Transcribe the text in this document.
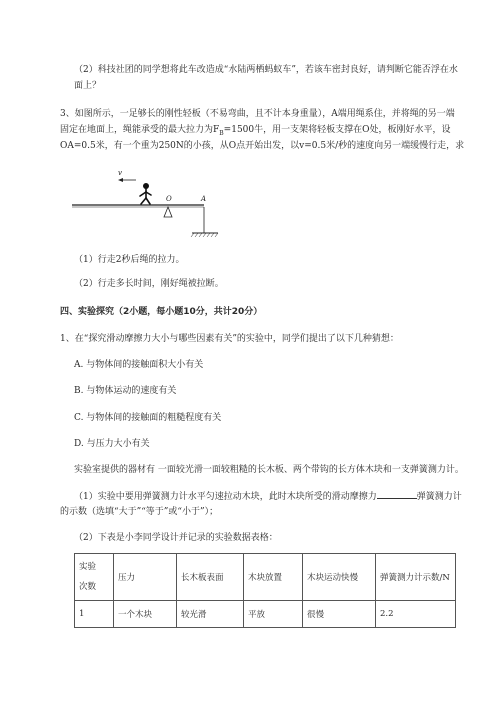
（2）科技社团的同学想将此车改造成“水陆两栖蚂蚁车”，若该车密封良好，请判断它能否浮在水

面上？

3、如图所示，一足够长的刚性轻板（不易弯曲，且不计本身重量），A端用绳系住，并将绳的另一端

固定在地面上，绳能承受的最大拉力为$F_B=1500$牛，用一支架将轻板支撑在O处，板刚好水平，设

OA=0.5米，有一个重为250N的小孩，从O点开始出发，以v=0.5米/秒的速度向另一端缓慢行走，求

v
O	A

（1）行走2秒后绳的拉力。

（2）行走多长时间，刚好绳被拉断。

四、实验探究（2小题，每小题10分，共计20分）

1、在“探究滑动摩擦力大小与哪些因素有关”的实验中，同学们提出了以下几种猜想：

A. 与物体间的接触面积大小有关

B. 与物体运动的速度有关

C. 与物体间的接触面的粗糙程度有关

D. 与压力大小有关

实验室提供的器材有 一面较光滑一面较粗糙的长木板、两个带钩的长方体木块和一支弹簧测力计。

（1）实验中要用弹簧测力计水平匀速拉动木块，此时木块所受的滑动摩擦力	弹簧测力计

的示数（选填“大于”“等于”或“小于”）；

（2）下表是小李同学设计并记录的实验数据表格：

实验
次数	压力	长木板表面	木块放置	木块运动快慢	弹簧测力计示数/N
1	一个木块	较光滑	平放	很慢	2.2
